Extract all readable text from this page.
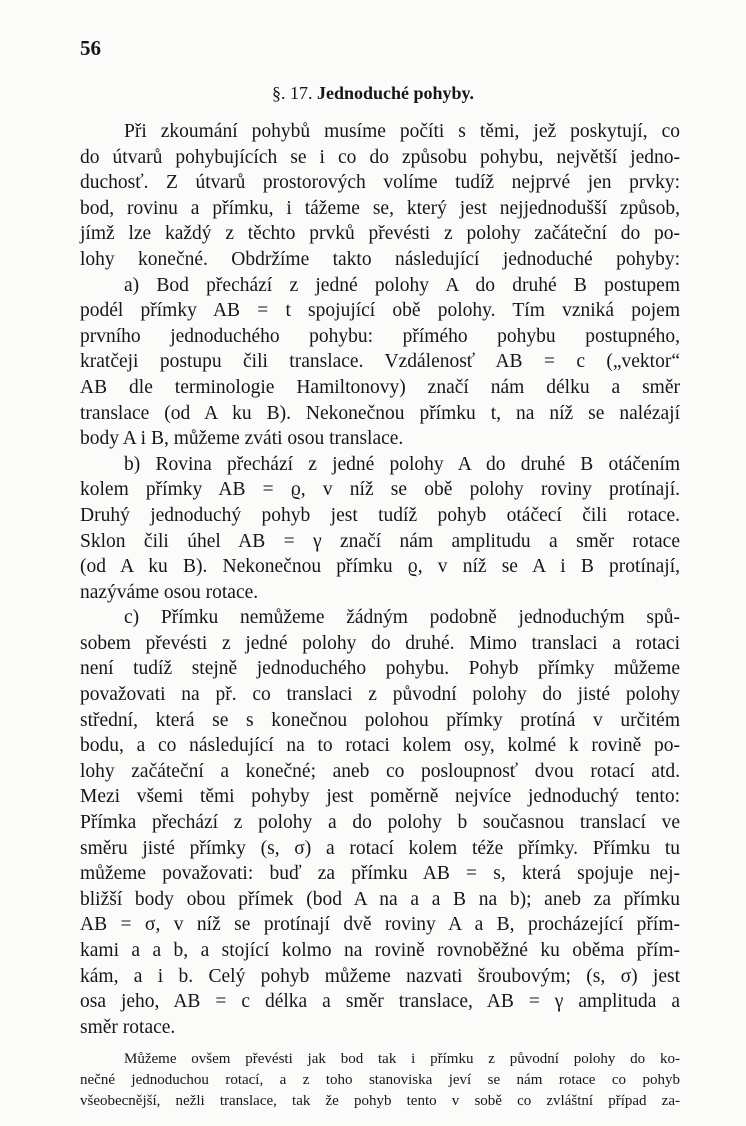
56
§. 17. Jednoduché pohyby.
Při zkoumání pohybů musíme počíti s těmi, jež poskytují, co
do útvarů pohybujících se i co do způsobu pohybu, největší jedno-
duchosť. Z útvarů prostorových volíme tudíž nejprvé jen prvky:
bod, rovinu a přímku, i tážeme se, který jest nejjednodušší způsob,
jímž lze každý z těchto prvků převésti z polohy začáteční do po-
lohy konečné. Obdržíme takto následující jednoduché pohyby:
a) Bod přechází z jedné polohy A do druhé B postupem
podél přímky AB = t spojující obě polohy. Tím vzniká pojem
prvního jednoduchého pohybu: přímého pohybu postupného,
kratčeji postupu čili translace. Vzdálenosť AB = c („vektor“
AB dle terminologie Hamiltonovy) značí nám délku a směr
translace (od A ku B). Nekonečnou přímku t, na níž se nalézají
body A i B, můžeme zváti osou translace.
b) Rovina přechází z jedné polohy A do druhé B otáčením
kolem přímky AB = ϱ, v níž se obě polohy roviny protínají.
Druhý jednoduchý pohyb jest tudíž pohyb otáčecí čili rotace.
Sklon čili úhel AB = γ značí nám amplitudu a směr rotace
(od A ku B). Nekonečnou přímku ϱ, v níž se A i B protínají,
nazýváme osou rotace.
c) Přímku nemůžeme žádným podobně jednoduchým spů-
sobem převésti z jedné polohy do druhé. Mimo translaci a rotaci
není tudíž stejně jednoduchého pohybu. Pohyb přímky můžeme
považovati na př. co translaci z původní polohy do jisté polohy
střední, která se s konečnou polohou přímky protíná v určitém
bodu, a co následující na to rotaci kolem osy, kolmé k rovině po-
lohy začáteční a konečné; aneb co posloupnosť dvou rotací atd.
Mezi všemi těmi pohyby jest poměrně nejvíce jednoduchý tento:
Přímka přechází z polohy a do polohy b současnou translací ve
směru jisté přímky (s, σ) a rotací kolem téže přímky. Přímku tu
můžeme považovati: buď za přímku AB = s, která spojuje nej-
bližší body obou přímek (bod A na a a B na b); aneb za přímku
AB = σ, v níž se protínají dvě roviny A a B, procházející přím-
kami a a b, a stojící kolmo na rovině rovnoběžné ku oběma přím-
kám, a i b. Celý pohyb můžeme nazvati šroubovým; (s, σ) jest
osa jeho, AB = c délka a směr translace, AB = γ amplituda a
směr rotace.
Můžeme ovšem převésti jak bod tak i přímku z původní polohy do ko-
nečné jednoduchou rotací, a z toho stanoviska jeví se nám rotace co pohyb
všeobecnější, nežli translace, tak že pohyb tento v sobě co zvláštní případ za-
